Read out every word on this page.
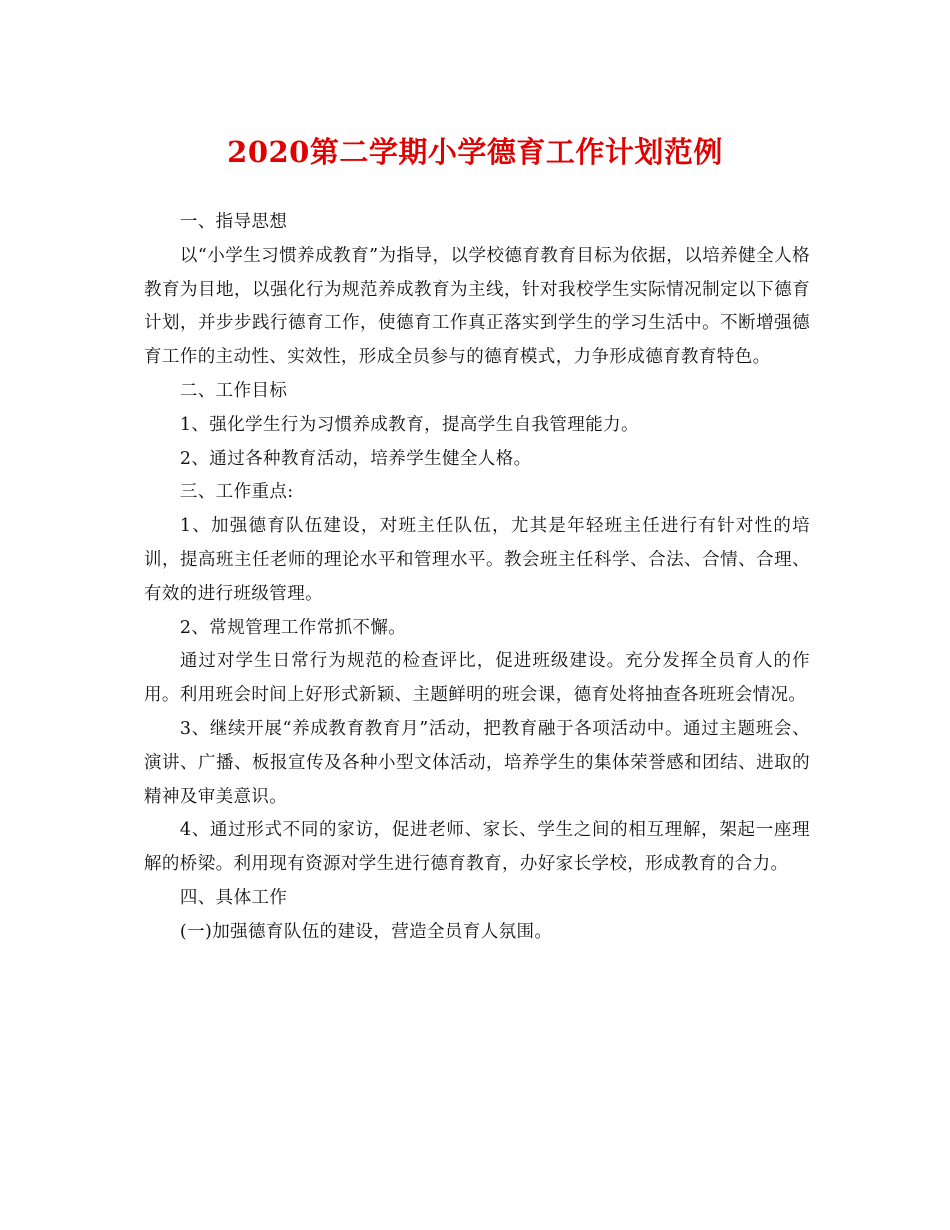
2020第二学期小学德育工作计划范例

一、指导思想

以“小学生习惯养成教育”为指导，以学校德育教育目标为依据，以培养健全人格教育为目地，以强化行为规范养成教育为主线，针对我校学生实际情况制定以下德育计划，并步步践行德育工作，使德育工作真正落实到学生的学习生活中。不断增强德育工作的主动性、实效性，形成全员参与的德育模式，力争形成德育教育特色。

二、工作目标

1、强化学生行为习惯养成教育，提高学生自我管理能力。

2、通过各种教育活动，培养学生健全人格。

三、工作重点:

1、加强德育队伍建设，对班主任队伍，尤其是年轻班主任进行有针对性的培训，提高班主任老师的理论水平和管理水平。教会班主任科学、合法、合情、合理、有效的进行班级管理。

2、常规管理工作常抓不懈。

通过对学生日常行为规范的检查评比，促进班级建设。充分发挥全员育人的作用。利用班会时间上好形式新颖、主题鲜明的班会课，德育处将抽查各班班会情况。

3、继续开展“养成教育教育月”活动，把教育融于各项活动中。通过主题班会、演讲、广播、板报宣传及各种小型文体活动，培养学生的集体荣誉感和团结、进取的精神及审美意识。

4、通过形式不同的家访，促进老师、家长、学生之间的相互理解，架起一座理解的桥梁。利用现有资源对学生进行德育教育，办好家长学校，形成教育的合力。

四、具体工作

(一)加强德育队伍的建设，营造全员育人氛围。
